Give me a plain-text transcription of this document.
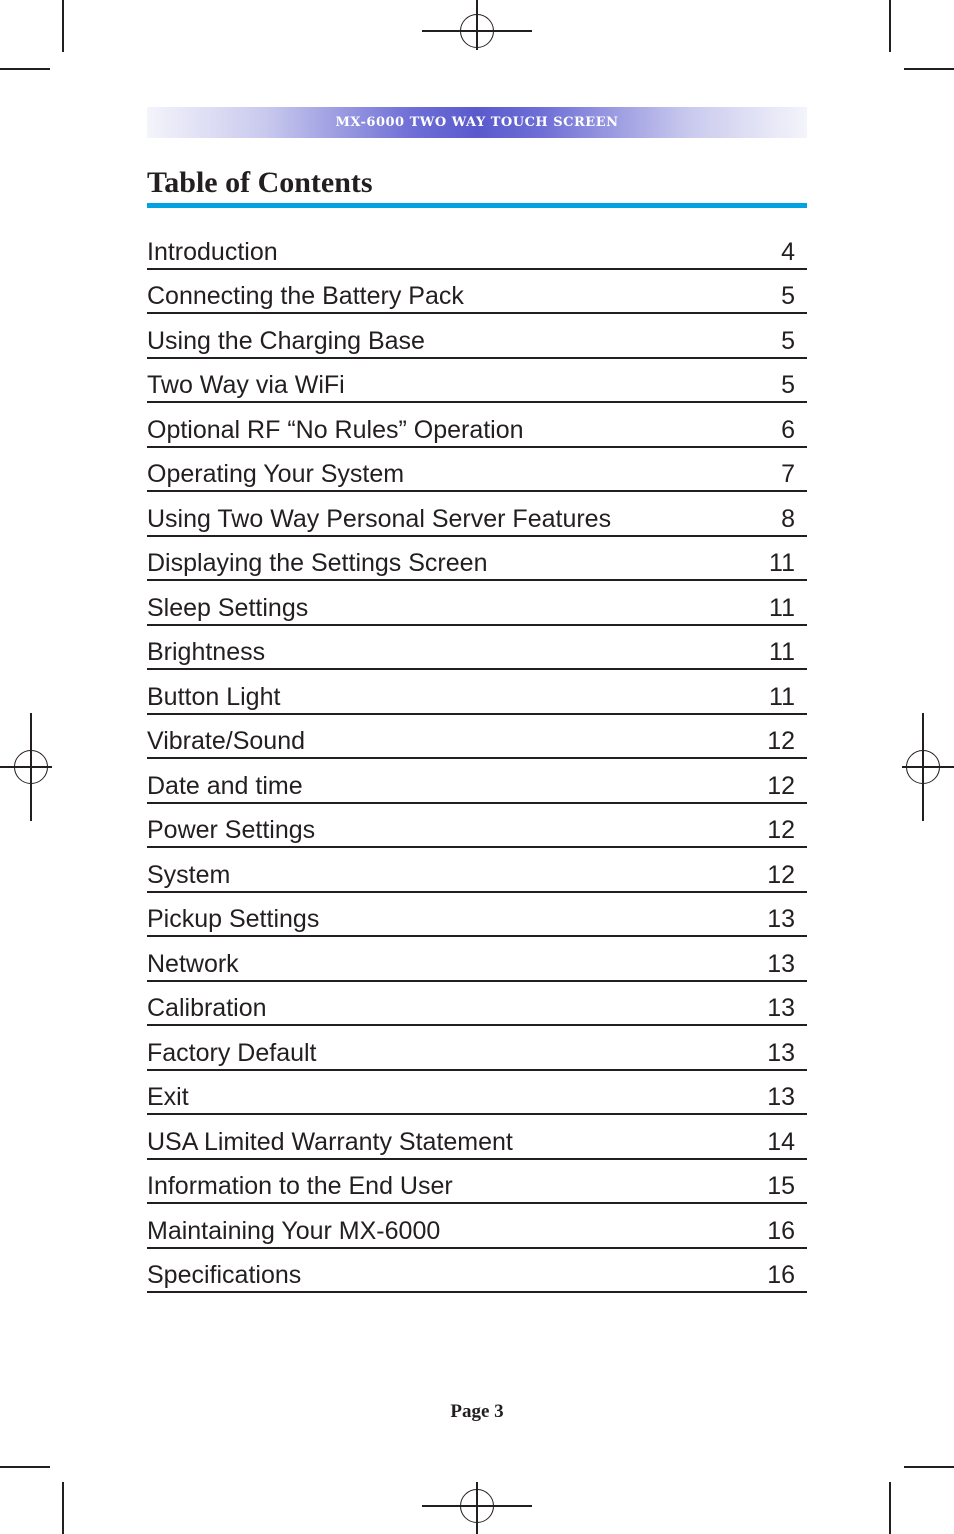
MX-6000 TWO WAY TOUCH SCREEN
Table of Contents
Introduction	4
Connecting the Battery Pack	5
Using the Charging Base	5
Two Way via WiFi	5
Optional RF “No Rules” Operation	6
Operating Your System	7
Using Two Way Personal Server Features	8
Displaying the Settings Screen	11
Sleep Settings	11
Brightness	11
Button Light	11
Vibrate/Sound	12
Date and time	12
Power Settings	12
System	12
Pickup Settings	13
Network	13
Calibration	13
Factory Default	13
Exit	13
USA Limited Warranty Statement	14
Information to the End User	15
Maintaining Your MX-6000	16
Specifications	16
Page 3
